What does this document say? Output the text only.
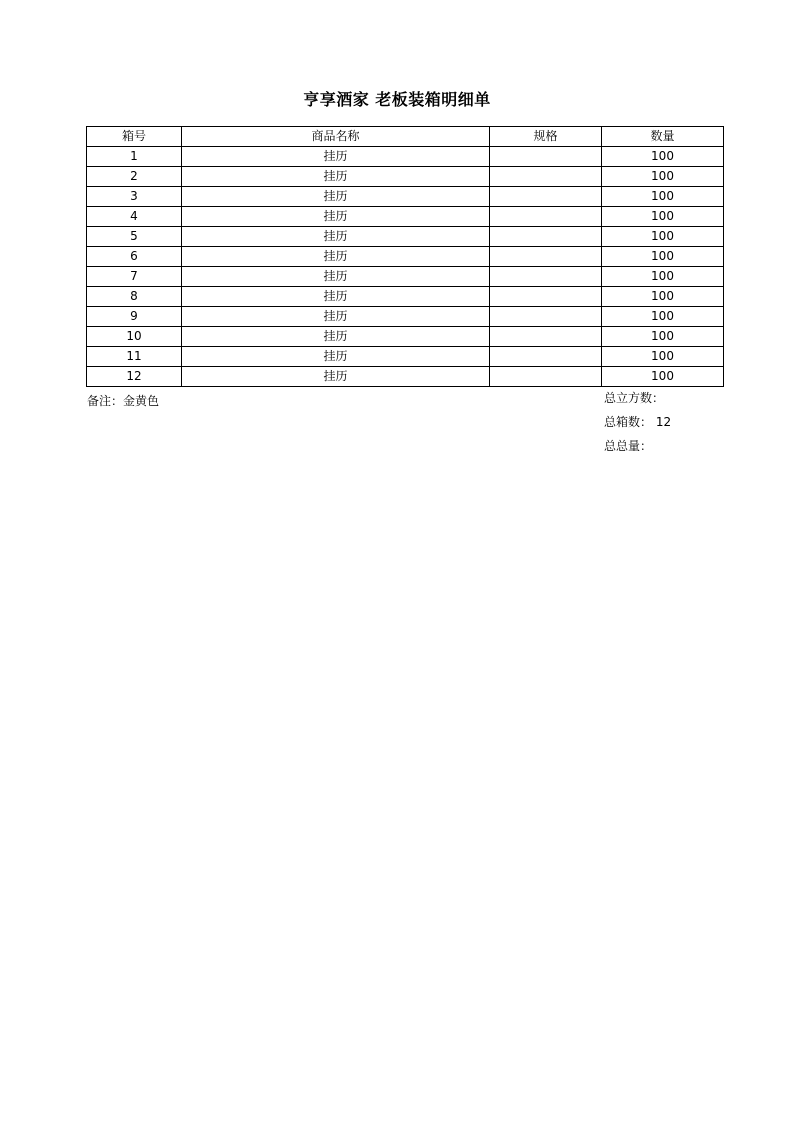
亨享酒家 老板装箱明细单
箱号	商品名称	规格	数量
1	挂历		100
2	挂历		100
3	挂历		100
4	挂历		100
5	挂历		100
6	挂历		100
7	挂历		100
8	挂历		100
9	挂历		100
10	挂历		100
11	挂历		100
12	挂历		100
备注：金黄色	总立方数：
总箱数： 12
总总量：
